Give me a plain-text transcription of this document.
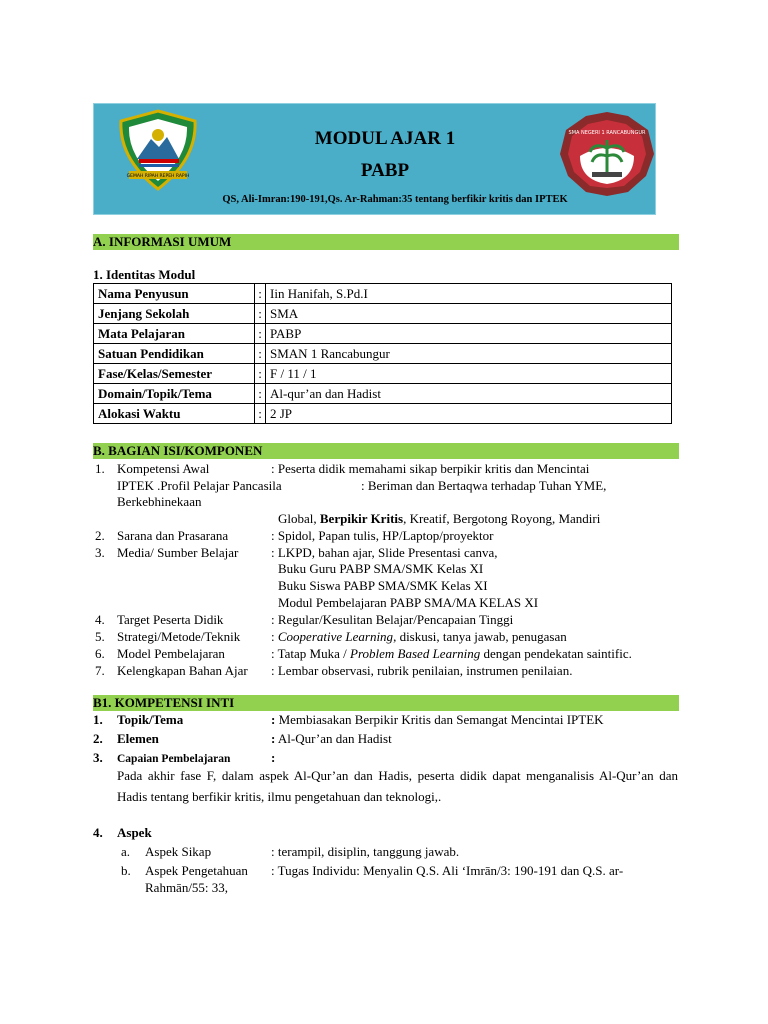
GEMAH RIPAH REPEH RAPIH
SMA NEGERI 1 RANCABUNGUR
MODUL AJAR 1
PABP
QS, Ali-Imran:190-191,Qs. Ar-Rahman:35 tentang berfikir kritis dan IPTEK
A. INFORMASI UMUM
1. Identitas Modul
Nama Penyusun	:	Iin Hanifah, S.Pd.I
Jenjang Sekolah	:	SMA
Mata Pelajaran	:	PABP
Satuan Pendidikan	:	SMAN 1 Rancabungur
Fase/Kelas/Semester	:	F / 11 / 1
Domain/Topik/Tema	:	Al-qur’an dan Hadist
Alokasi Waktu	:	2 JP
B. BAGIAN ISI/KOMPONEN
1. Kompetensi Awal	: Peserta didik memahami sikap berpikir kritis dan Mencintai
IPTEK .Profil Pelajar Pancasila	: Beriman dan Bertaqwa terhadap Tuhan YME,
Berkebhinekaan
Global, Berpikir Kritis, Kreatif, Bergotong Royong, Mandiri
2. Sarana dan Prasarana	: Spidol, Papan tulis, HP/Laptop/proyektor
3. Media/ Sumber Belajar	: LKPD, bahan ajar, Slide Presentasi canva,
Buku Guru PABP SMA/SMK Kelas XI
Buku Siswa PABP SMA/SMK Kelas XI
Modul Pembelajaran PABP SMA/MA KELAS XI
4. Target Peserta Didik	: Regular/Kesulitan Belajar/Pencapaian Tinggi
5. Strategi/Metode/Teknik : Cooperative Learning, diskusi, tanya jawab, penugasan
6. Model Pembelajaran	: Tatap Muka / Problem Based Learning dengan pendekatan saintific.
7. Kelengkapan Bahan Ajar : Lembar observasi, rubrik penilaian, instrumen penilaian.
B1. KOMPETENSI INTI
1. Topik/Tema	: Membiasakan Berpikir Kritis dan Semangat Mencintai IPTEK
2. Elemen	: Al-Qur’an dan Hadist
3. Capaian Pembelajaran	:
Pada akhir fase F, dalam aspek Al-Qur’an dan Hadis, peserta didik dapat menganalisis Al-Qur’an dan Hadis tentang berfikir kritis, ilmu pengetahuan dan teknologi,.
4. Aspek
a. Aspek Sikap	: terampil, disiplin, tanggung jawab.
b. Aspek Pengetahuan : Tugas Individu: Menyalin Q.S. Ali ‘Imrān/3: 190-191 dan Q.S. ar-
Rahmān/55: 33,
